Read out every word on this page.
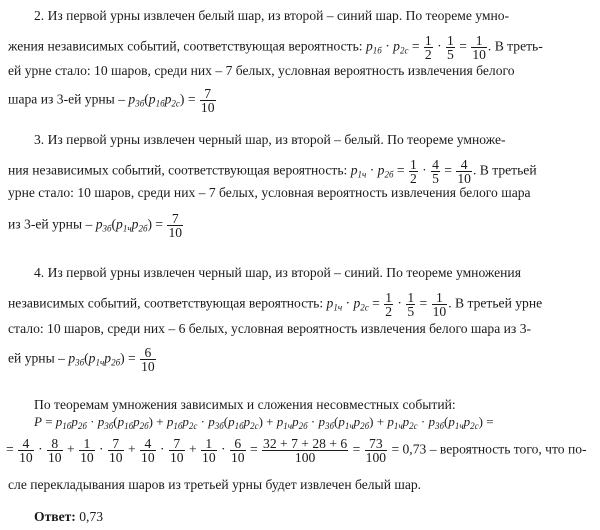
2. Из первой урны извлечен белый шар, из второй – синий шар. По теореме умно-
жения независимых событий, соответствующая вероятность: $p_{1б} \cdot p_{2с} = \frac{1}{2} \cdot \frac{1}{5} = \frac{1}{10}$ . В треть-
ей урне стало: 10 шаров, среди них – 7 белых, условная вероятность извлечения белого
шара из 3-ей урны – $p_{3б}(p_{1б}p_{2с}) = \frac{7}{10}$
3. Из первой урны извлечен черный шар, из второй – белый. По теореме умноже-
ния независимых событий, соответствующая вероятность: $p_{1ч} \cdot p_{2б} = \frac{1}{2} \cdot \frac{4}{5} = \frac{4}{10}$ . В третьей
урне стало: 10 шаров, среди них – 7 белых, условная вероятность извлечения белого шара
из 3-ей урны – $p_{3б}(p_{1ч}p_{2б}) = \frac{7}{10}$
4. Из первой урны извлечен черный шар, из второй – синий. По теореме умножения
независимых событий, соответствующая вероятность: $p_{1ч} \cdot p_{2с} = \frac{1}{2} \cdot \frac{1}{5} = \frac{1}{10}$ . В третьей урне
стало: 10 шаров, среди них – 6 белых, условная вероятность извлечения белого шара из 3-
ей урны – $p_{3б}(p_{1ч}p_{2б}) = \frac{6}{10}$
По теоремам умножения зависимых и сложения несовместных событий:
$P = p_{1б}p_{2б} \cdot p_{3б}(p_{1б}p_{2б}) + p_{1б}p_{2с} \cdot p_{3б}(p_{1б}p_{2с}) + p_{1ч}p_{2б} \cdot p_{3б}(p_{1ч}p_{2б}) + p_{1ч}p_{2с} \cdot p_{3б}(p_{1ч}p_{2с})$ =
= $\frac{4}{10} \cdot \frac{8}{10} + \frac{1}{10} \cdot \frac{7}{10} + \frac{4}{10} \cdot \frac{7}{10} + \frac{1}{10} \cdot \frac{6}{10} = \frac{32 + 7 + 28 + 6}{100} = \frac{73}{100} = 0,73$ – вероятность того, что по-
сле перекладывания шаров из третьей урны будет извлечен белый шар.
Ответ: 0,73
